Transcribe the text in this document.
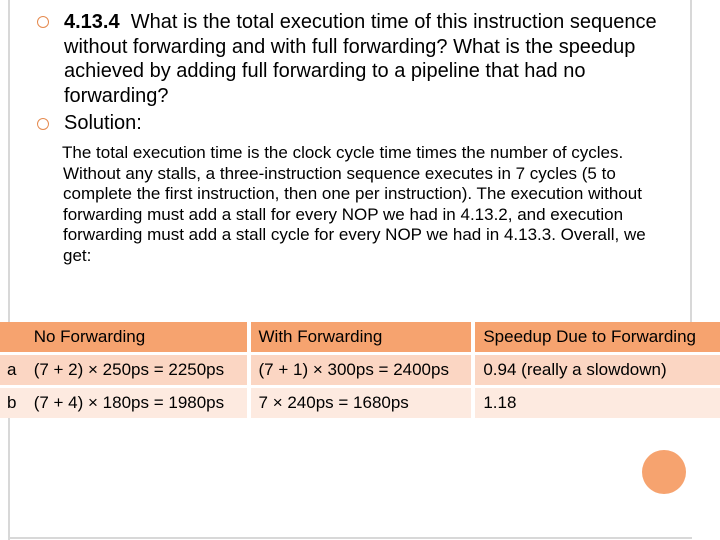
4.13.4 What is the total execution time of this instruction sequence without forwarding and with full forwarding? What is the speedup achieved by adding full forwarding to a pipeline that had no forwarding?
Solution:
The total execution time is the clock cycle time times the number of cycles. Without any stalls, a three-instruction sequence executes in 7 cycles (5 to complete the first instruction, then one per instruction). The execution without forwarding must add a stall for every NOP we had in 4.13.2, and execution forwarding must add a stall cycle for every NOP we had in 4.13.3. Overall, we get:
	No Forwarding	With Forwarding	Speedup Due to Forwarding
a	(7 + 2) × 250ps = 2250ps	(7 + 1) × 300ps = 2400ps	0.94 (really a slowdown)
b	(7 + 4) × 180ps = 1980ps	7 × 240ps = 1680ps	1.18
